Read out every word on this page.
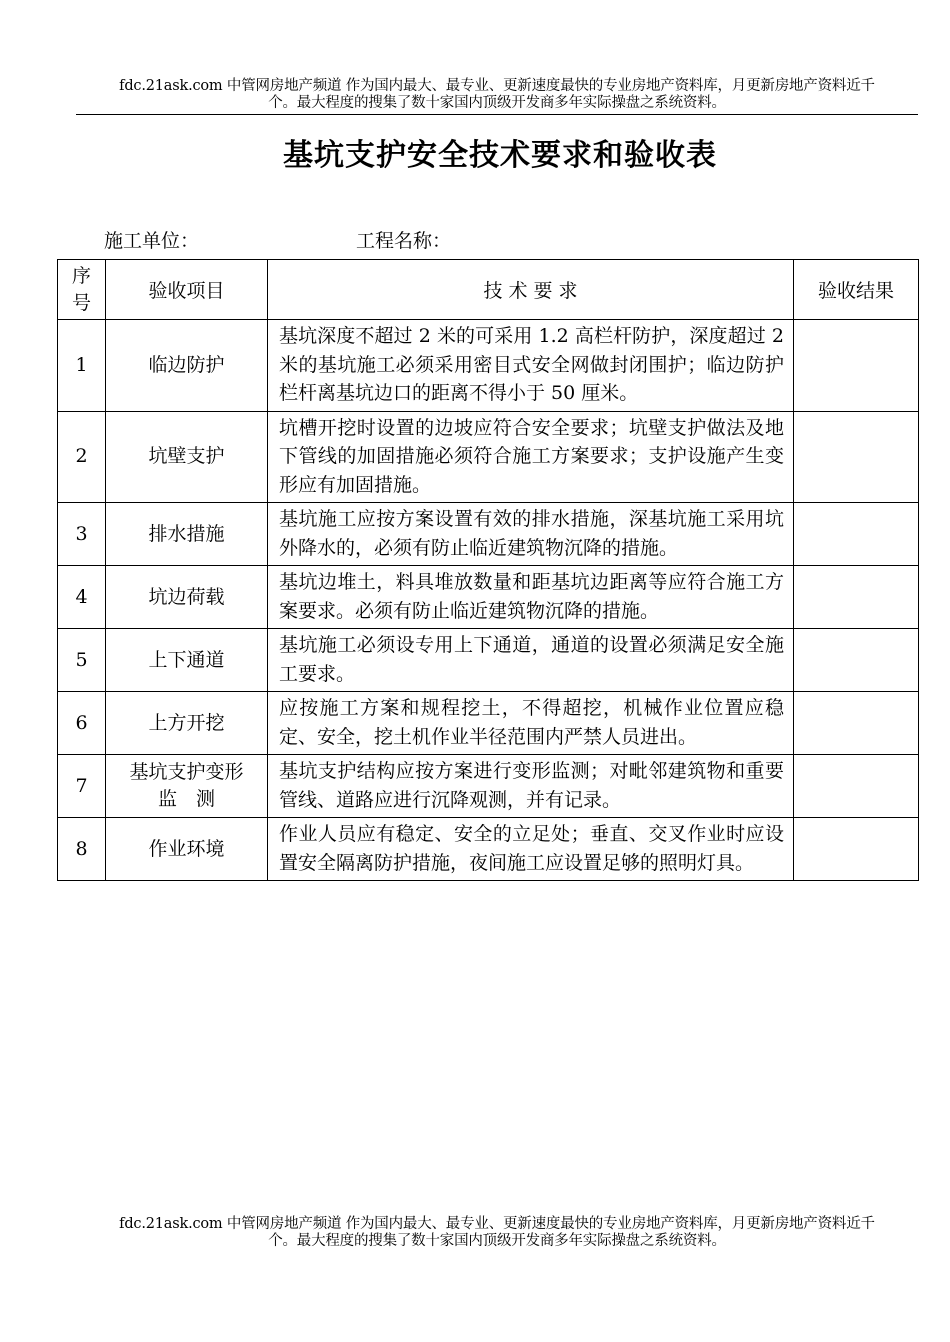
fdc.21ask.com 中管网房地产频道 作为国内最大、最专业、更新速度最快的专业房地产资料库，月更新房地产资料近千
个。最大程度的搜集了数十家国内顶级开发商多年实际操盘之系统资料。
基坑支护安全技术要求和验收表
施工单位：	工程名称：
序
号	验收项目	技 术 要 求	验收结果
1	临边防护	基坑深度不超过 2 米的可采用 1.2 高栏杆防护，深度超过 2 米的基坑施工必须采用密目式安全网做封闭围护；临边防护栏杆离基坑边口的距离不得小于 50 厘米。	
2	坑壁支护	坑槽开挖时设置的边坡应符合安全要求；坑壁支护做法及地下管线的加固措施必须符合施工方案要求；支护设施产生变形应有加固措施。	
3	排水措施	基坑施工应按方案设置有效的排水措施，深基坑施工采用坑外降水的，必须有防止临近建筑物沉降的措施。	
4	坑边荷载	基坑边堆土，料具堆放数量和距基坑边距离等应符合施工方案要求。必须有防止临近建筑物沉降的措施。	
5	上下通道	基坑施工必须设专用上下通道，通道的设置必须满足安全施工要求。	
6	上方开挖	应按施工方案和规程挖土，不得超挖，机械作业位置应稳定、安全，挖土机作业半径范围内严禁人员进出。	
7	基坑支护变形
监　测	基坑支护结构应按方案进行变形监测；对毗邻建筑物和重要管线、道路应进行沉降观测，并有记录。	
8	作业环境	作业人员应有稳定、安全的立足处；垂直、交叉作业时应设置安全隔离防护措施，夜间施工应设置足够的照明灯具。	
fdc.21ask.com 中管网房地产频道 作为国内最大、最专业、更新速度最快的专业房地产资料库，月更新房地产资料近千
个。最大程度的搜集了数十家国内顶级开发商多年实际操盘之系统资料。
